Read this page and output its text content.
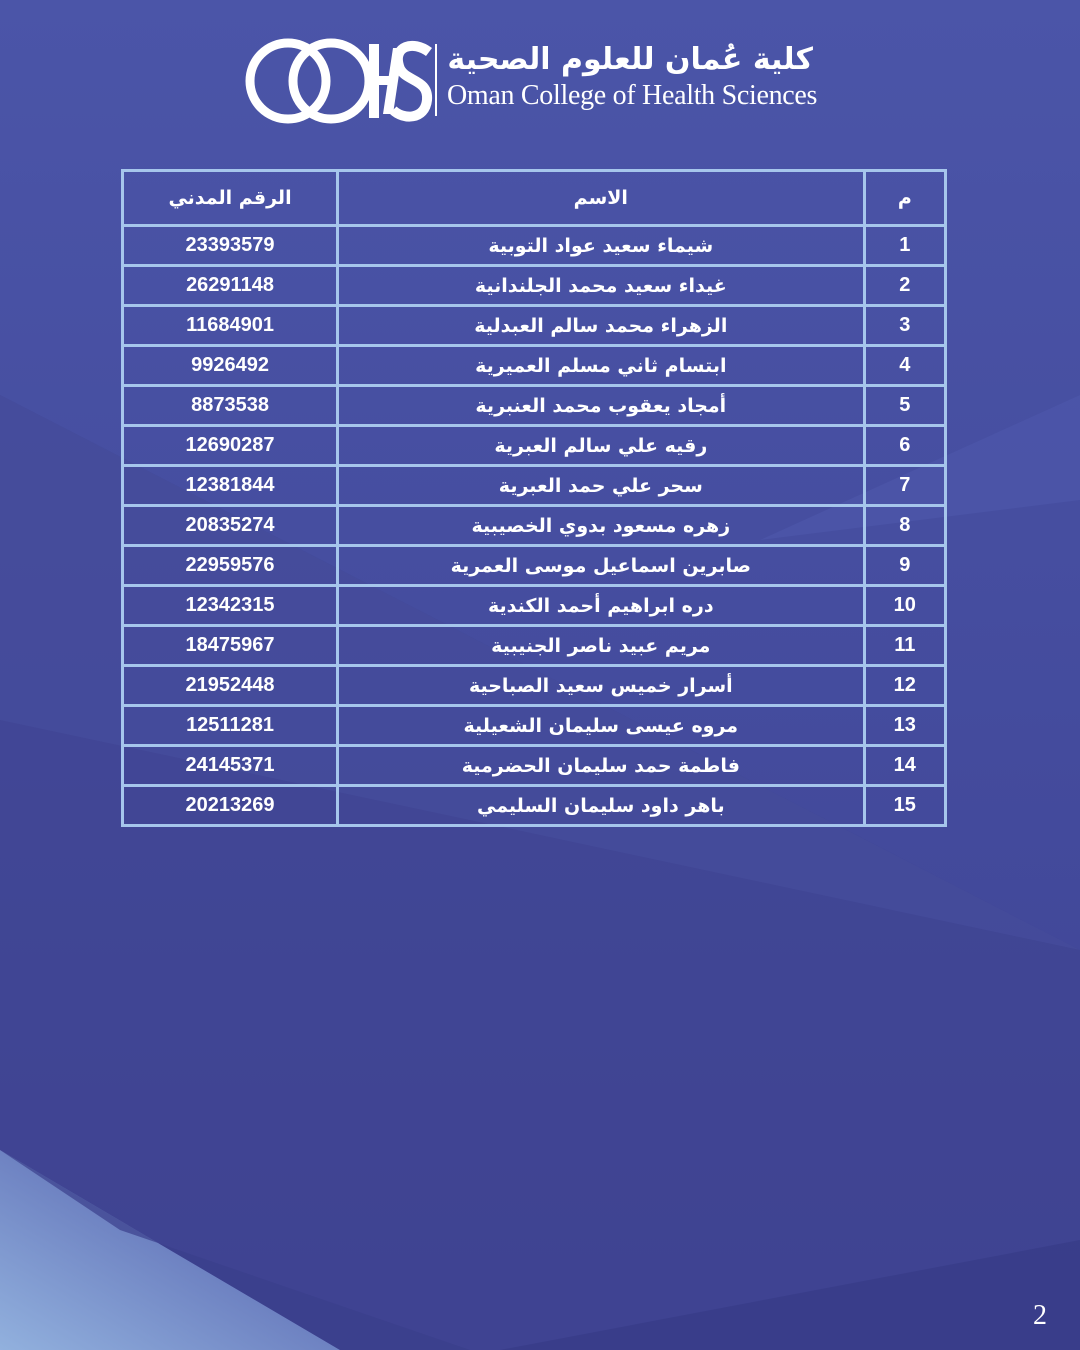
كلية عُمان للعلوم الصحية
Oman College of Health Sciences
الرقم المدني	الاسم	م
23393579	شيماء سعيد عواد التوبية	1
26291148	غيداء سعيد محمد الجلندانية	2
11684901	الزهراء محمد سالم العبدلية	3
9926492	ابتسام ثاني مسلم العميرية	4
8873538	أمجاد يعقوب محمد العنبرية	5
12690287	رقيه علي سالم العبرية	6
12381844	سحر علي حمد العبرية	7
20835274	زهره مسعود بدوي الخصيبية	8
22959576	صابرين اسماعيل موسى العمرية	9
12342315	دره ابراهيم أحمد الكندية	10
18475967	مريم عبيد ناصر الجنيبية	11
21952448	أسرار خميس سعيد الصباحية	12
12511281	مروه عيسى سليمان الشعيلية	13
24145371	فاطمة حمد سليمان الحضرمية	14
20213269	باهر داود سليمان السليمي	15
2
